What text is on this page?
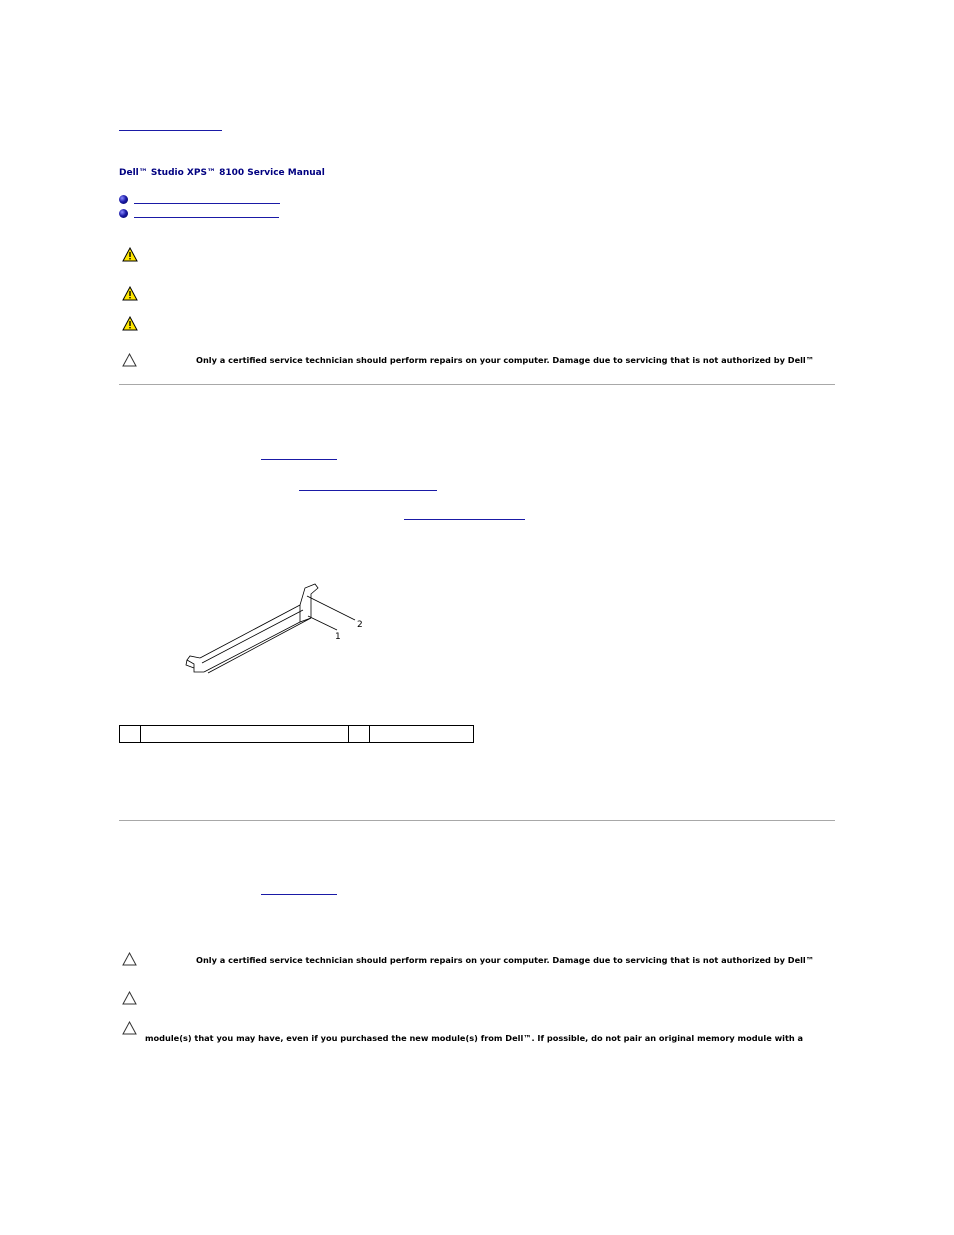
Dell™ Studio XPS™ 8100 Service Manual
Only a certified service technician should perform repairs on your computer. Damage due to servicing that is not authorized by Dell™
2
1

Only a certified service technician should perform repairs on your computer. Damage due to servicing that is not authorized by Dell™
module(s) that you may have, even if you purchased the new module(s) from Dell™. If possible, do not pair an original memory module with a
